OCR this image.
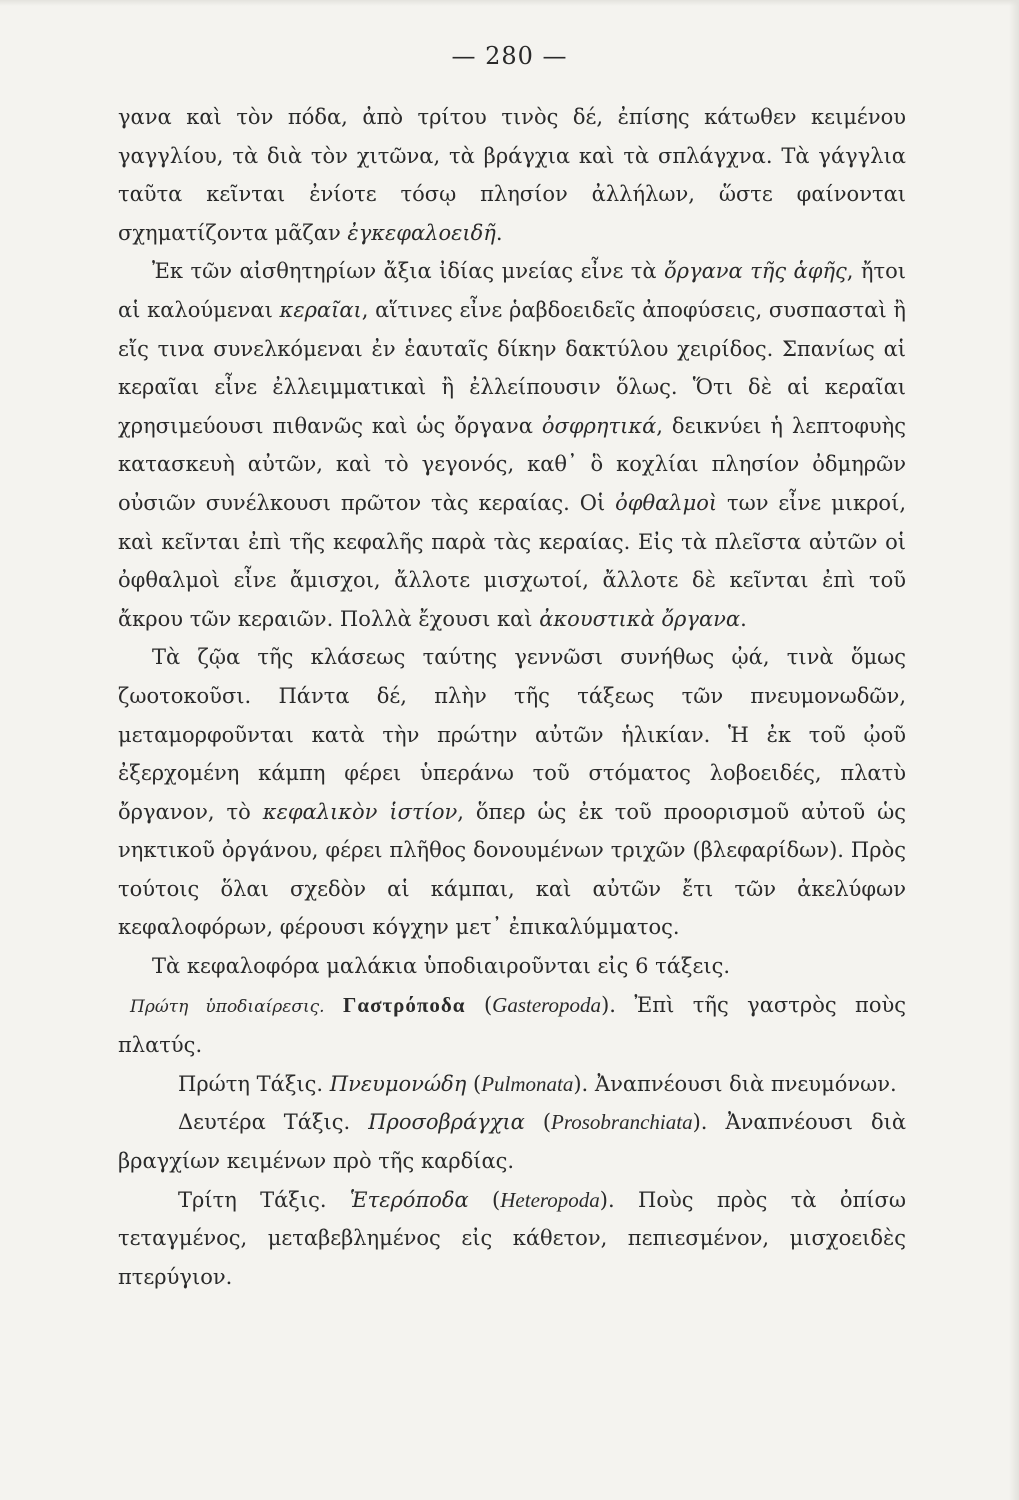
— 280 —

γανα καὶ τὸν πόδα, ἀπὸ τρίτου τινὸς δέ, ἐπίσης κάτωθεν κειμένου γαγγλίου, τὰ διὰ τὸν χιτῶνα, τὰ βράγχια καὶ τὰ σπλάγχνα. Τὰ γάγγλια ταῦτα κεῖνται ἐνίοτε τόσῳ πλησίον ἀλλήλων, ὥστε φαίνονται σχηματίζοντα μᾶζαν ἐγκεφαλοειδῆ.

Ἐκ τῶν αἰσθητηρίων ἄξια ἰδίας μνείας εἶνε τὰ ὄργανα τῆς ἁφῆς, ἤτοι αἱ καλούμεναι κεραῖαι, αἵτινες εἶνε ῥαβδοειδεῖς ἀποφύσεις, συσπασταὶ ἢ εἴς τινα συνελκόμεναι ἐν ἑαυταῖς δίκην δακτύλου χειρίδος. Σπανίως αἱ κεραῖαι εἶνε ἐλλειμματικαὶ ἢ ἐλλείπουσιν ὅλως. Ὅτι δὲ αἱ κεραῖαι χρησιμεύουσι πιθανῶς καὶ ὡς ὄργανα ὀσφρητικά, δεικνύει ἡ λεπτοφυὴς κατασκευὴ αὐτῶν, καὶ τὸ γεγονός, καθ᾽ ὃ κοχλίαι πλησίον ὀδμηρῶν οὐσιῶν συνέλκουσι πρῶτον τὰς κεραίας. Οἱ ὀφθαλμοὶ των εἶνε μικροί, καὶ κεῖνται ἐπὶ τῆς κεφαλῆς παρὰ τὰς κεραίας. Εἰς τὰ πλεῖστα αὐτῶν οἱ ὀφθαλμοὶ εἶνε ἄμισχοι, ἄλλοτε μισχωτοί, ἄλλοτε δὲ κεῖνται ἐπὶ τοῦ ἄκρου τῶν κεραιῶν. Πολλὰ ἔχουσι καὶ ἀκουστικὰ ὄργανα.

Τὰ ζῷα τῆς κλάσεως ταύτης γεννῶσι συνήθως ᾠά, τινὰ ὅμως ζωοτοκοῦσι. Πάντα δέ, πλὴν τῆς τάξεως τῶν πνευμονωδῶν, μεταμορφοῦνται κατὰ τὴν πρώτην αὐτῶν ἡλικίαν. Ἡ ἐκ τοῦ ᾠοῦ ἐξερχομένη κάμπη φέρει ὑπεράνω τοῦ στόματος λοβοειδές, πλατὺ ὄργανον, τὸ κεφαλικὸν ἱστίον, ὅπερ ὡς ἐκ τοῦ προορισμοῦ αὐτοῦ ὡς νηκτικοῦ ὀργάνου, φέρει πλῆθος δονουμένων τριχῶν (βλεφαρίδων). Πρὸς τούτοις ὅλαι σχεδὸν αἱ κάμπαι, καὶ αὐτῶν ἔτι τῶν ἀκελύφων κεφαλοφόρων, φέρουσι κόγχην μετ᾽ ἐπικαλύμματος.

Τὰ κεφαλοφόρα μαλάκια ὑποδιαιροῦνται εἰς 6 τάξεις.

Πρώτη ὑποδιαίρεσις. Γαστρόποδα (Gasteropoda). Ἐπὶ τῆς γαστρὸς ποὺς πλατύς.

Πρώτη Τάξις. Πνευμονώδη (Pulmonata). Ἀναπνέουσι διὰ πνευμόνων.

Δευτέρα Τάξις. Προσοβράγχια (Prosobranchiata). Ἀναπνέουσι διὰ βραγχίων κειμένων πρὸ τῆς καρδίας.

Τρίτη Τάξις. Ἑτερόποδα (Heteropoda). Ποὺς πρὸς τὰ ὀπίσω τεταγμένος, μεταβεβλημένος εἰς κάθετον, πεπιεσμένον, μισχοειδὲς πτερύγιον.
